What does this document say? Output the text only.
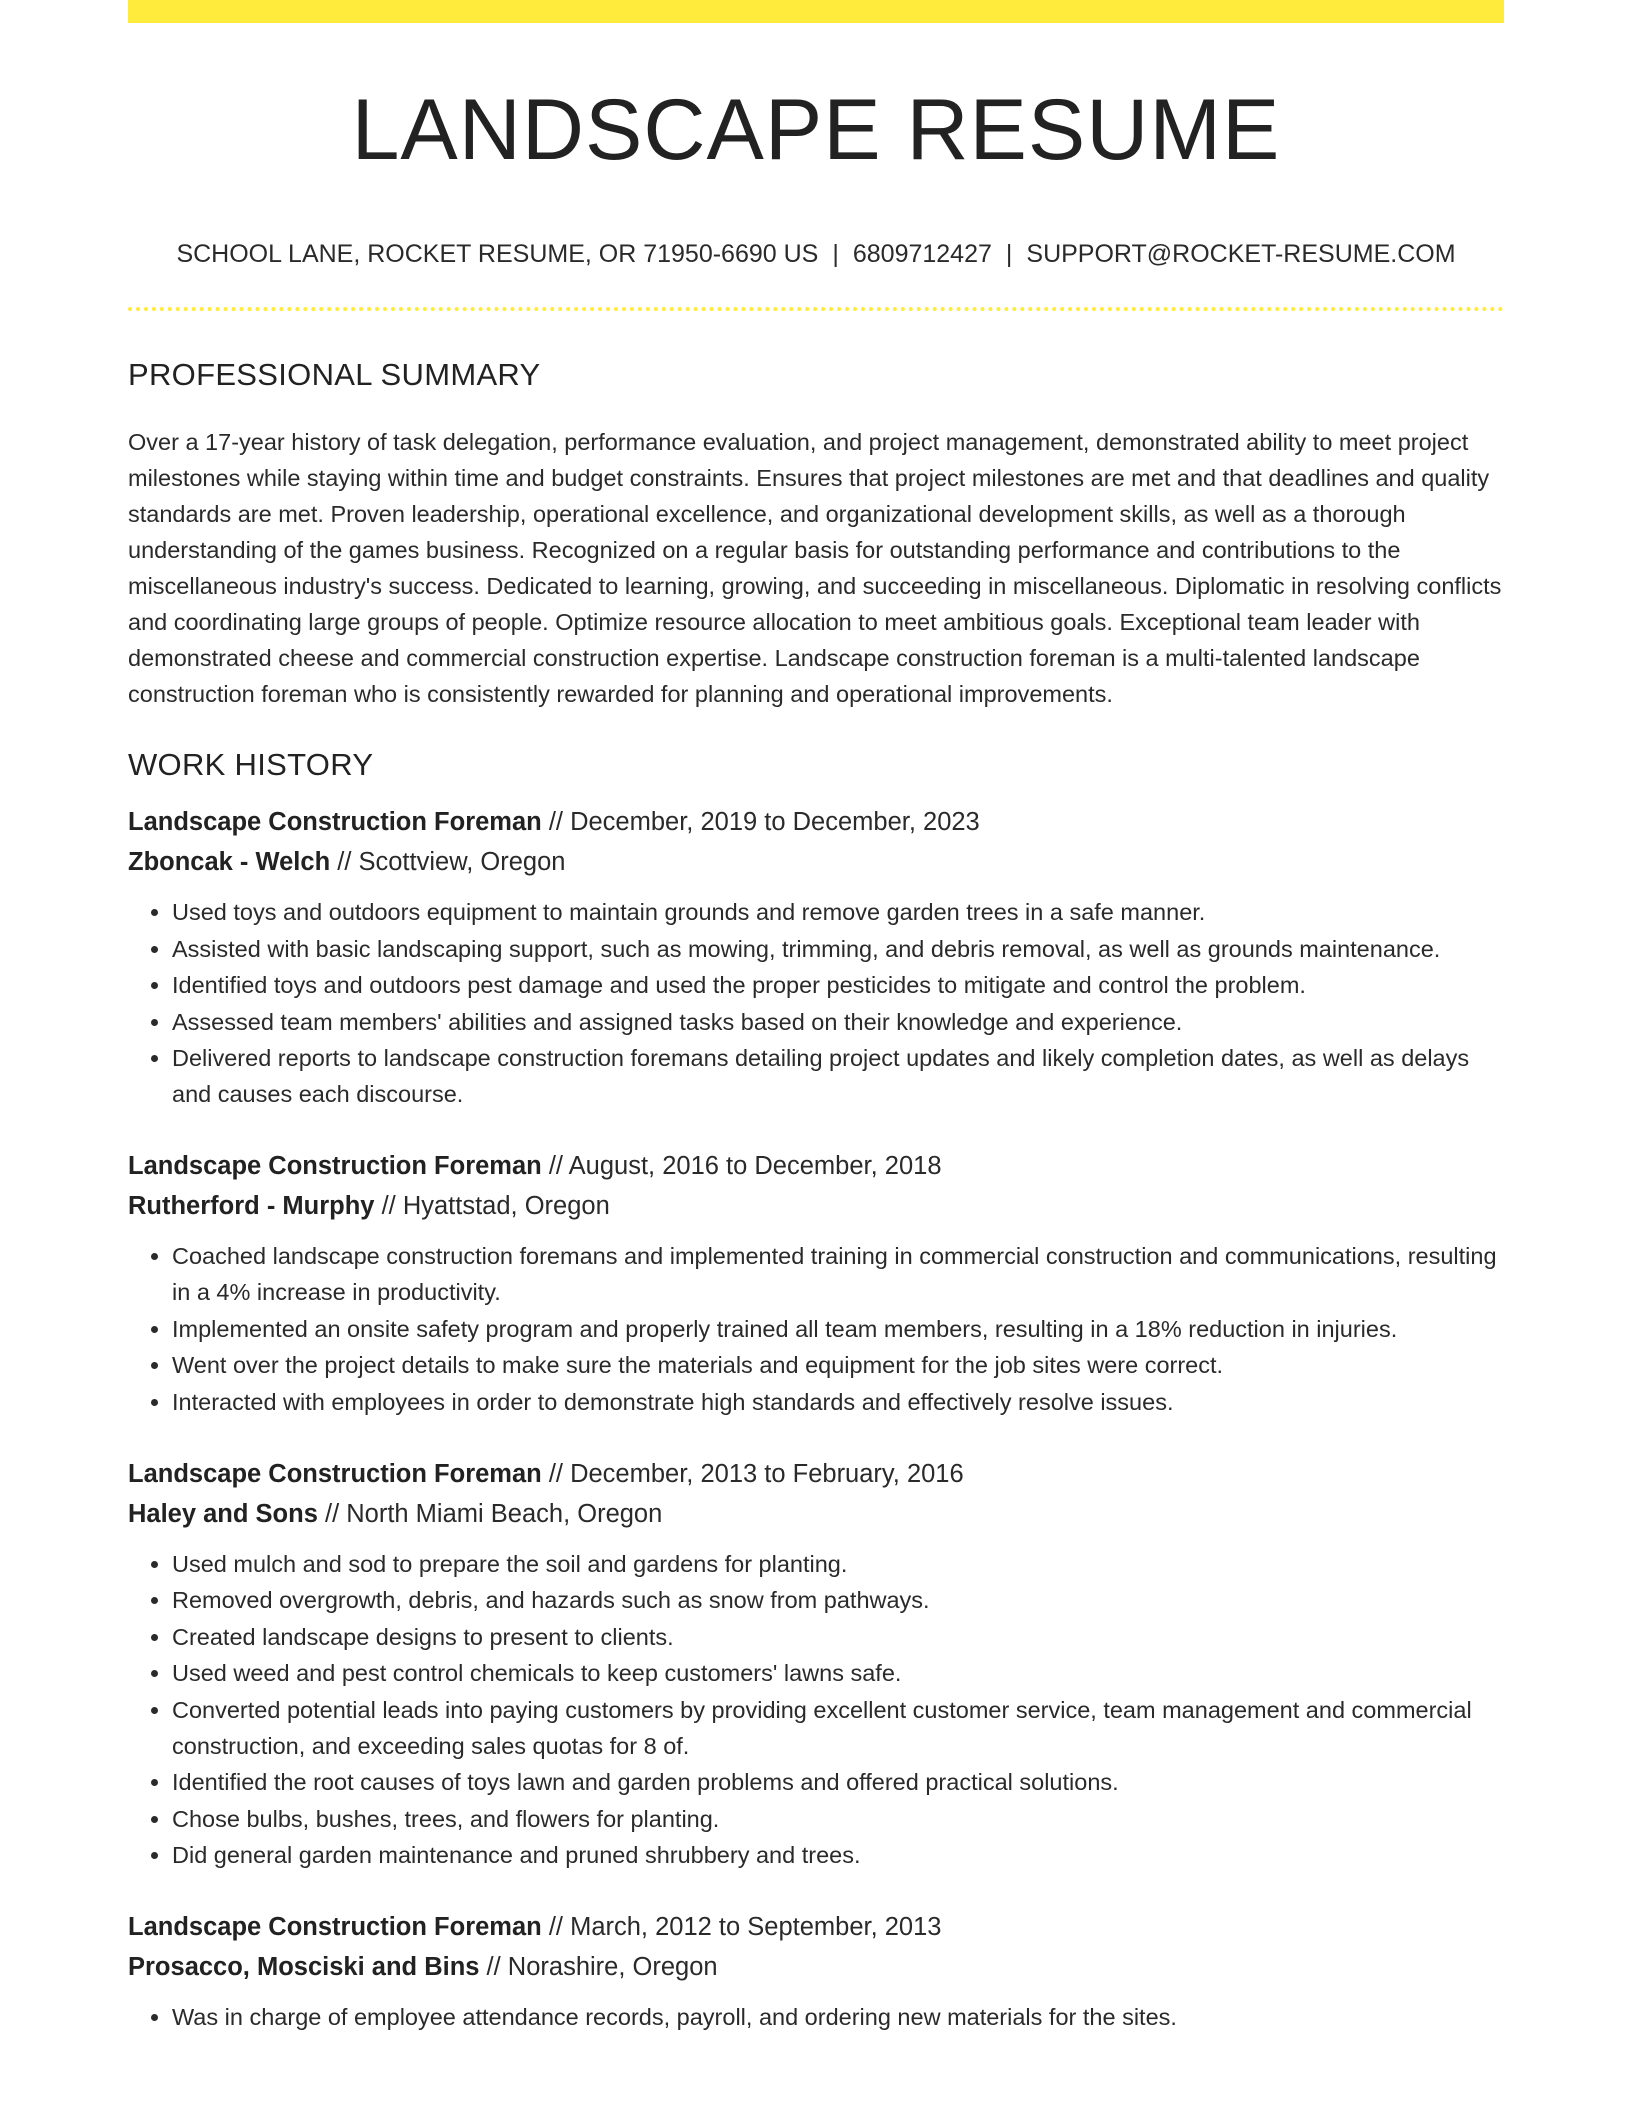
LANDSCAPE RESUME
SCHOOL LANE, ROCKET RESUME, OR 71950-6690 US | 6809712427 | SUPPORT@ROCKET-RESUME.COM
PROFESSIONAL SUMMARY

Over a 17-year history of task delegation, performance evaluation, and project management, demonstrated ability to meet project milestones while staying within time and budget constraints. Ensures that project milestones are met and that deadlines and quality standards are met. Proven leadership, operational excellence, and organizational development skills, as well as a thorough understanding of the games business. Recognized on a regular basis for outstanding performance and contributions to the miscellaneous industry's success. Dedicated to learning, growing, and succeeding in miscellaneous. Diplomatic in resolving conflicts and coordinating large groups of people. Optimize resource allocation to meet ambitious goals. Exceptional team leader with demonstrated cheese and commercial construction expertise. Landscape construction foreman is a multi-talented landscape construction foreman who is consistently rewarded for planning and operational improvements.

WORK HISTORY
Landscape Construction Foreman // December, 2019 to December, 2023
Zboncak - Welch // Scottview, Oregon
• Used toys and outdoors equipment to maintain grounds and remove garden trees in a safe manner.
• Assisted with basic landscaping support, such as mowing, trimming, and debris removal, as well as grounds maintenance.
• Identified toys and outdoors pest damage and used the proper pesticides to mitigate and control the problem.
• Assessed team members' abilities and assigned tasks based on their knowledge and experience.
• Delivered reports to landscape construction foremans detailing project updates and likely completion dates, as well as delays and causes each discourse.
Landscape Construction Foreman // August, 2016 to December, 2018
Rutherford - Murphy // Hyattstad, Oregon
• Coached landscape construction foremans and implemented training in commercial construction and communications, resulting in a 4% increase in productivity.
• Implemented an onsite safety program and properly trained all team members, resulting in a 18% reduction in injuries.
• Went over the project details to make sure the materials and equipment for the job sites were correct.
• Interacted with employees in order to demonstrate high standards and effectively resolve issues.
Landscape Construction Foreman // December, 2013 to February, 2016
Haley and Sons // North Miami Beach, Oregon
• Used mulch and sod to prepare the soil and gardens for planting.
• Removed overgrowth, debris, and hazards such as snow from pathways.
• Created landscape designs to present to clients.
• Used weed and pest control chemicals to keep customers' lawns safe.
• Converted potential leads into paying customers by providing excellent customer service, team management and commercial construction, and exceeding sales quotas for 8 of.
• Identified the root causes of toys lawn and garden problems and offered practical solutions.
• Chose bulbs, bushes, trees, and flowers for planting.
• Did general garden maintenance and pruned shrubbery and trees.
Landscape Construction Foreman // March, 2012 to September, 2013
Prosacco, Mosciski and Bins // Norashire, Oregon
• Was in charge of employee attendance records, payroll, and ordering new materials for the sites.
